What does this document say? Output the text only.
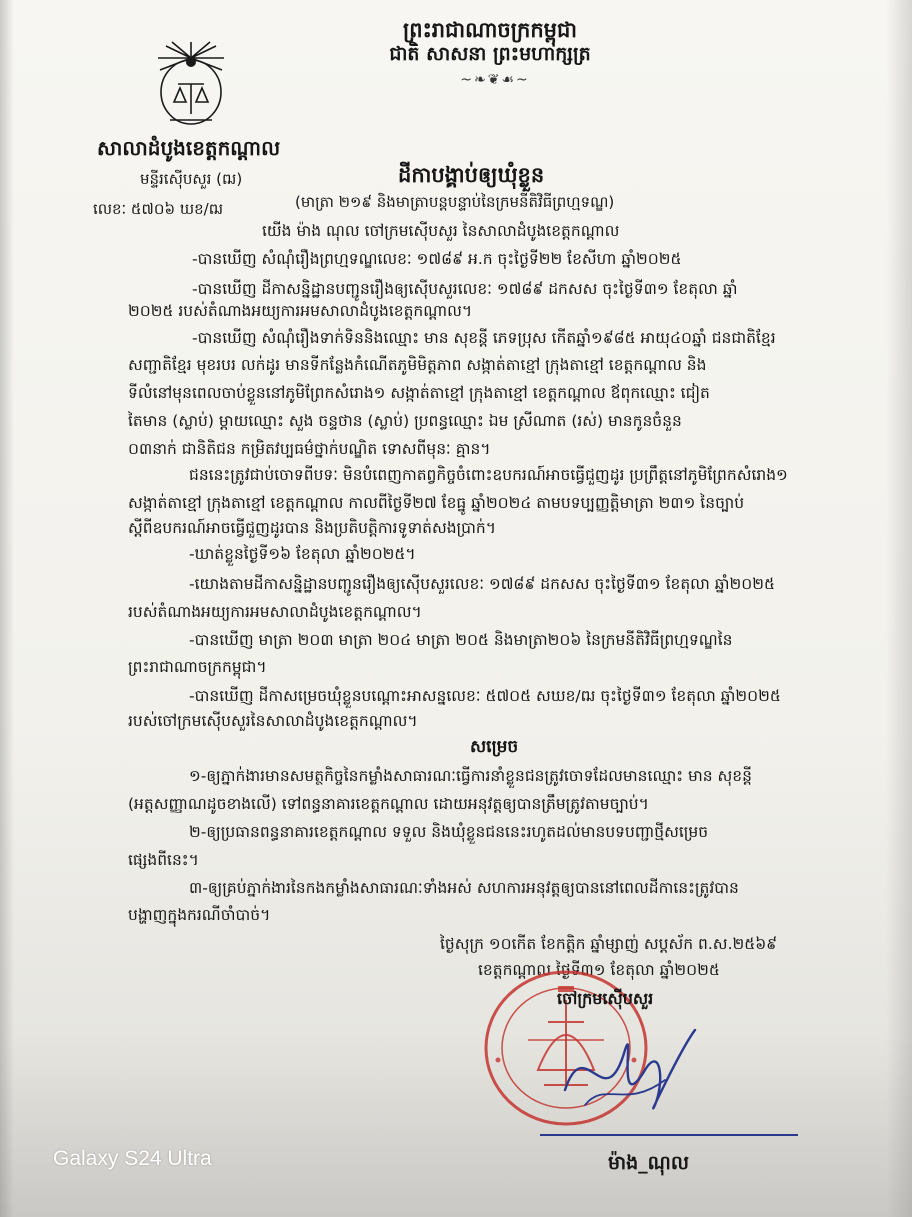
ព្រះរាជាណាចក្រកម្ពុជា
ជាតិ សាសនា ព្រះមហាក្សត្រ
~❧❦☙~
សាលាដំបូងខេត្តកណ្ដាល
មន្ទីរស៊ើបសួរ (ឍ)
លេខៈ ៥៧០៦ ឃខ/ឍ
ដីកាបង្គាប់ឲ្យឃុំខ្លួន
(មាត្រា ២១៩ និងមាត្រាបន្តបន្ទាប់នៃក្រមនីតិវិធីព្រហ្មទណ្ឌ)
យើង ម៉ាង ណុល ចៅក្រមស៊ើបសួរ នៃសាលាដំបូងខេត្តកណ្ដាល
-បានឃើញ សំណុំរឿងព្រហ្មទណ្ឌលេខៈ ១៧៨៩ អ.ក ចុះថ្ងៃទី២២ ខែសីហា ឆ្នាំ២០២៥
-បានឃើញ ដីកាសន្និដ្ឋានបញ្ជូនរឿងឲ្យស៊ើបសួរលេខៈ ១៧៨៩ ដកសស ចុះថ្ងៃទី៣១ ខែតុលា ឆ្នាំ
២០២៥ របស់តំណាងអយ្យការអមសាលាដំបូងខេត្តកណ្ដាល។
-បានឃើញ សំណុំរឿងទាក់ទិននិងឈ្មោះ មាន សុខន្តី ភេទប្រុស កើតឆ្នាំ១៩៨៥ អាយុ៤០ឆ្នាំ ជនជាតិខ្មែរ
សញ្ជាតិខ្មែរ មុខរបរ លក់ដូរ មានទីកន្លែងកំណើតភូមិមិត្តភាព សង្កាត់តាខ្មៅ ក្រុងតាខ្មៅ ខេត្តកណ្ដាល និង
ទីលំនៅមុនពេលចាប់ខ្លួននៅភូមិព្រែកសំរោង១ សង្កាត់តាខ្មៅ ក្រុងតាខ្មៅ ខេត្តកណ្ដាល ឪពុកឈ្មោះ ជៀត
តៃមាន (ស្លាប់) ម្ដាយឈ្មោះ សួង ចន្ទថាន (ស្លាប់) ប្រពន្ធឈ្មោះ ឯម ស្រីណាត (រស់) មានកូនចំនួន
០៣នាក់ ជានិតិជន កម្រិតវប្បធម៌ថ្នាក់បណ្ឌិត ទោសពីមុនៈ គ្មាន។
ជននេះត្រូវជាប់ចោទពីបទៈ មិនបំពេញកាតព្វកិច្ចចំពោះឧបករណ៍អាចធ្វើជួញដូរ ប្រព្រឹត្តនៅភូមិព្រែកសំរោង១
សង្កាត់តាខ្មៅ ក្រុងតាខ្មៅ ខេត្តកណ្ដាល កាលពីថ្ងៃទី២៧ ខែធ្នូ ឆ្នាំ២០២៤ តាមបទប្បញ្ញត្តិមាត្រា ២៣១ នៃច្បាប់
ស្ដីពីឧបករណ៍អាចធ្វើជួញដូរបាន និងប្រតិបត្តិការទូទាត់សងប្រាក់។
-ឃាត់ខ្លួនថ្ងៃទី១៦ ខែតុលា ឆ្នាំ២០២៥។
-យោងតាមដីកាសន្និដ្ឋានបញ្ជូនរឿងឲ្យស៊ើបសួរលេខៈ ១៧៨៩ ដកសស ចុះថ្ងៃទី៣១ ខែតុលា ឆ្នាំ២០២៥
របស់តំណាងអយ្យការអមសាលាដំបូងខេត្តកណ្ដាល។
-បានឃើញ មាត្រា ២០៣ មាត្រា ២០៤ មាត្រា ២០៥ និងមាត្រា២០៦ នៃក្រមនីតិវិធីព្រហ្មទណ្ឌនៃ
ព្រះរាជាណាចក្រកម្ពុជា។
-បានឃើញ ដីកាសម្រេចឃុំខ្លួនបណ្ដោះអាសន្នលេខៈ ៥៧០៥ សឃខ/ឍ ចុះថ្ងៃទី៣១ ខែតុលា ឆ្នាំ២០២៥
របស់ចៅក្រមស៊ើបសួរនៃសាលាដំបូងខេត្តកណ្ដាល។
សម្រេច
១-ឲ្យភ្នាក់ងារមានសមត្ថកិច្ចនៃកម្លាំងសាធារណៈធ្វើការនាំខ្លួនជនត្រូវចោទដែលមានឈ្មោះ មាន សុខន្តី
(អត្តសញ្ញាណដូចខាងលើ) ទៅពន្ធនាគារខេត្តកណ្ដាល ដោយអនុវត្តឲ្យបានត្រឹមត្រូវតាមច្បាប់។
២-ឲ្យប្រធានពន្ធនាគារខេត្តកណ្ដាល ទទួល និងឃុំខ្លួនជននេះរហូតដល់មានបទបញ្ជាថ្មីសម្រេច
ផ្សេងពីនេះ។
៣-ឲ្យគ្រប់ភ្នាក់ងារនៃកងកម្លាំងសាធារណៈទាំងអស់ សហការអនុវត្តឲ្យបាននៅពេលដីកានេះត្រូវបាន
បង្ហាញក្នុងករណីចាំបាច់។
ថ្ងៃសុក្រ ១០កើត ខែកត្តិក ឆ្នាំម្សាញ់ សប្តស័ក ព.ស.២៥៦៩
ខេត្តកណ្ដាល ថ្ងៃទី៣១ ខែតុលា ឆ្នាំ២០២៥
ចៅក្រមស៊ើបសួរ
ម៉ាង_ណុល
Galaxy S24 Ultra
